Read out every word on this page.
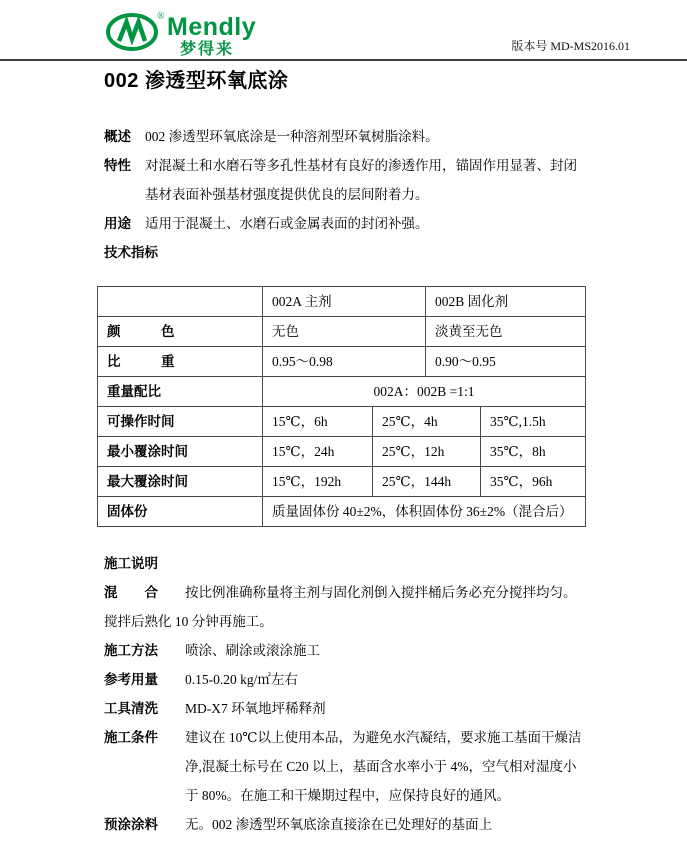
® Mendly
梦得来	版本号 MD-MS2016.01
002 渗透型环氧底涂
概述	002 渗透型环氧底涂是一种溶剂型环氧树脂涂料。
特性	对混凝土和水磨石等多孔性基材有良好的渗透作用，锚固作用显著、封闭基材表面补强基材强度提供优良的层间附着力。
用途	适用于混凝土、水磨石或金属表面的封闭补强。
技术指标
	002A 主剂		002B 固化剂	
颜　　　色	无色		淡黄至无色	
比　　　重	0.95～0.98		0.90～0.95	
重量配比	002A：002B =1:1			
可操作时间	15℃，6h	25℃，4h		35℃,1.5h
最小覆涂时间	15℃，24h	25℃，12h		35℃，8h
最大覆涂时间	15℃，192h	25℃，144h		35℃，96h
固体份	质量固体份 40±2%，体积固体份 36±2%（混合后）			
施工说明
混　　合	按比例准确称量将主剂与固化剂倒入搅拌桶后务必充分搅拌均匀。
搅拌后熟化 10 分钟再施工。
施工方法	喷涂、刷涂或滚涂施工
参考用量	0.15-0.20 kg/㎡左右
工具清洗	MD-X7 环氧地坪稀释剂
施工条件	建议在 10℃以上使用本品，为避免水汽凝结，要求施工基面干燥洁净,混凝土标号在 C20 以上，基面含水率小于 4%，空气相对湿度小于 80%。在施工和干燥期过程中，应保持良好的通风。
预涂涂料	无。002 渗透型环氧底涂直接涂在已处理好的基面上
